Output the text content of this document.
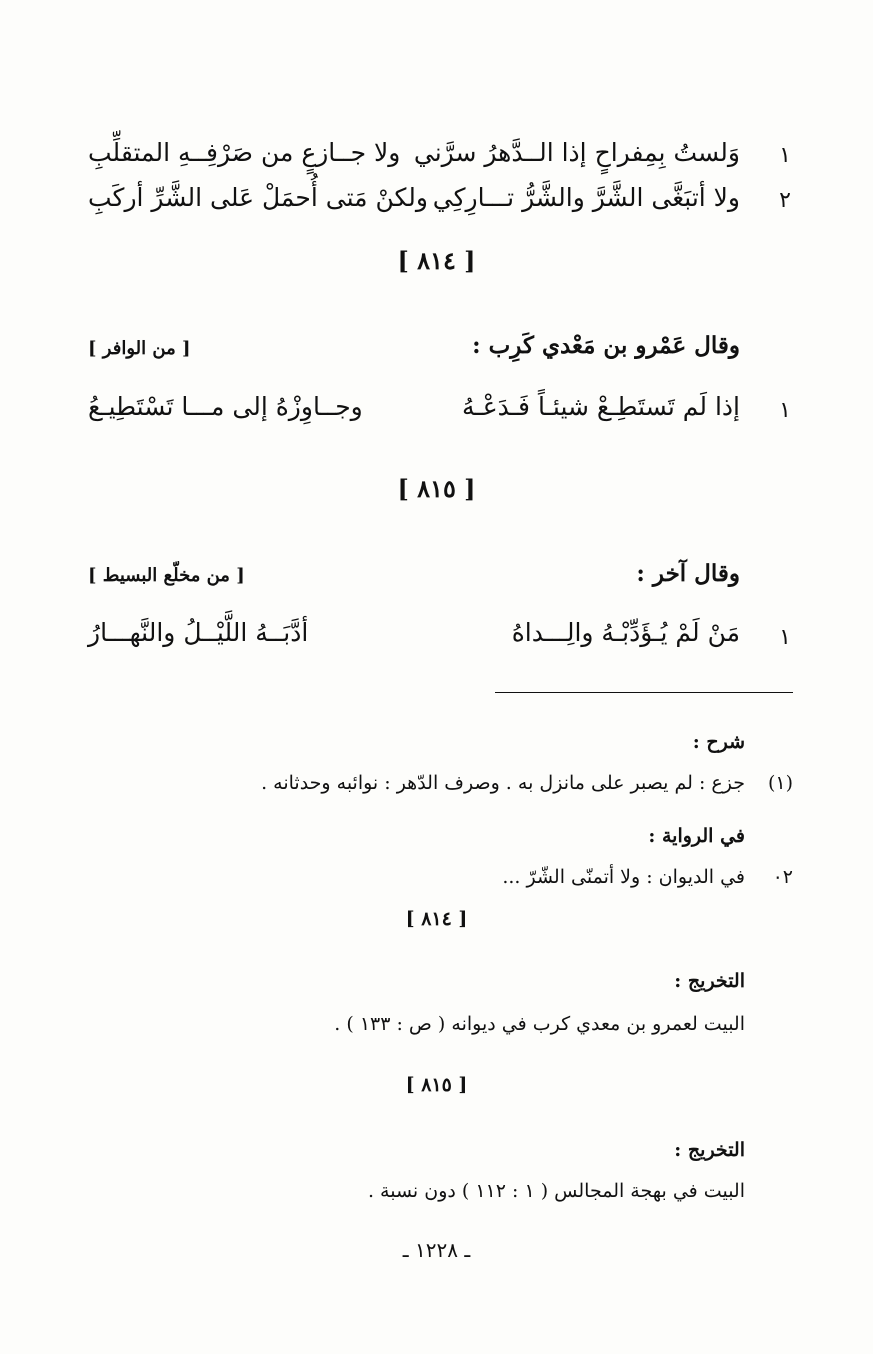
١
وَلستُ بِمِفراحٍ إذا الــدَّهرُ سرَّني
ولا جــازعٍ من صَرْفِــهِ المتقلِّبِ
٢
ولا أتبَغَّى الشَّرَّ والشَّرُّ تـــارِكِي
ولكنْ مَتى أُحمَلْ عَلى الشَّرِّ أركَبِ
[ ٨١٤ ]
وقال عَمْرو بن مَعْدي كَرِب :
[ من الوافر ]
١
إذا لَم تَستَطِـعْ شيئـاً فَـدَعْـهُ
وجــاوِزْهُ إلى مـــا تَسْتَطِيـعُ
[ ٨١٥ ]
وقال آخر :
[ من مخلّع البسيط ]
١
مَنْ لَمْ يُـؤَدِّبْـهُ والِـــداهُ
أدَّبَــهُ اللَّيْــلُ والنَّهـــارُ
شرح :
(١)
جزع : لم يصبر على مانزل به . وصرف الدّهر : نوائبه وحدثانه .
في الرواية :
٠٢
في الديوان : ولا أتمنّى الشّرّ ...
[ ٨١٤ ]
التخريج :
البيت لعمرو بن معدي كرب في ديوانه ( ص : ١٣٣ ) .
[ ٨١٥ ]
التخريج :
البيت في بهجة المجالس ( ١ : ١١٢ ) دون نسبة .
ـ ١٢٢٨ ـ
